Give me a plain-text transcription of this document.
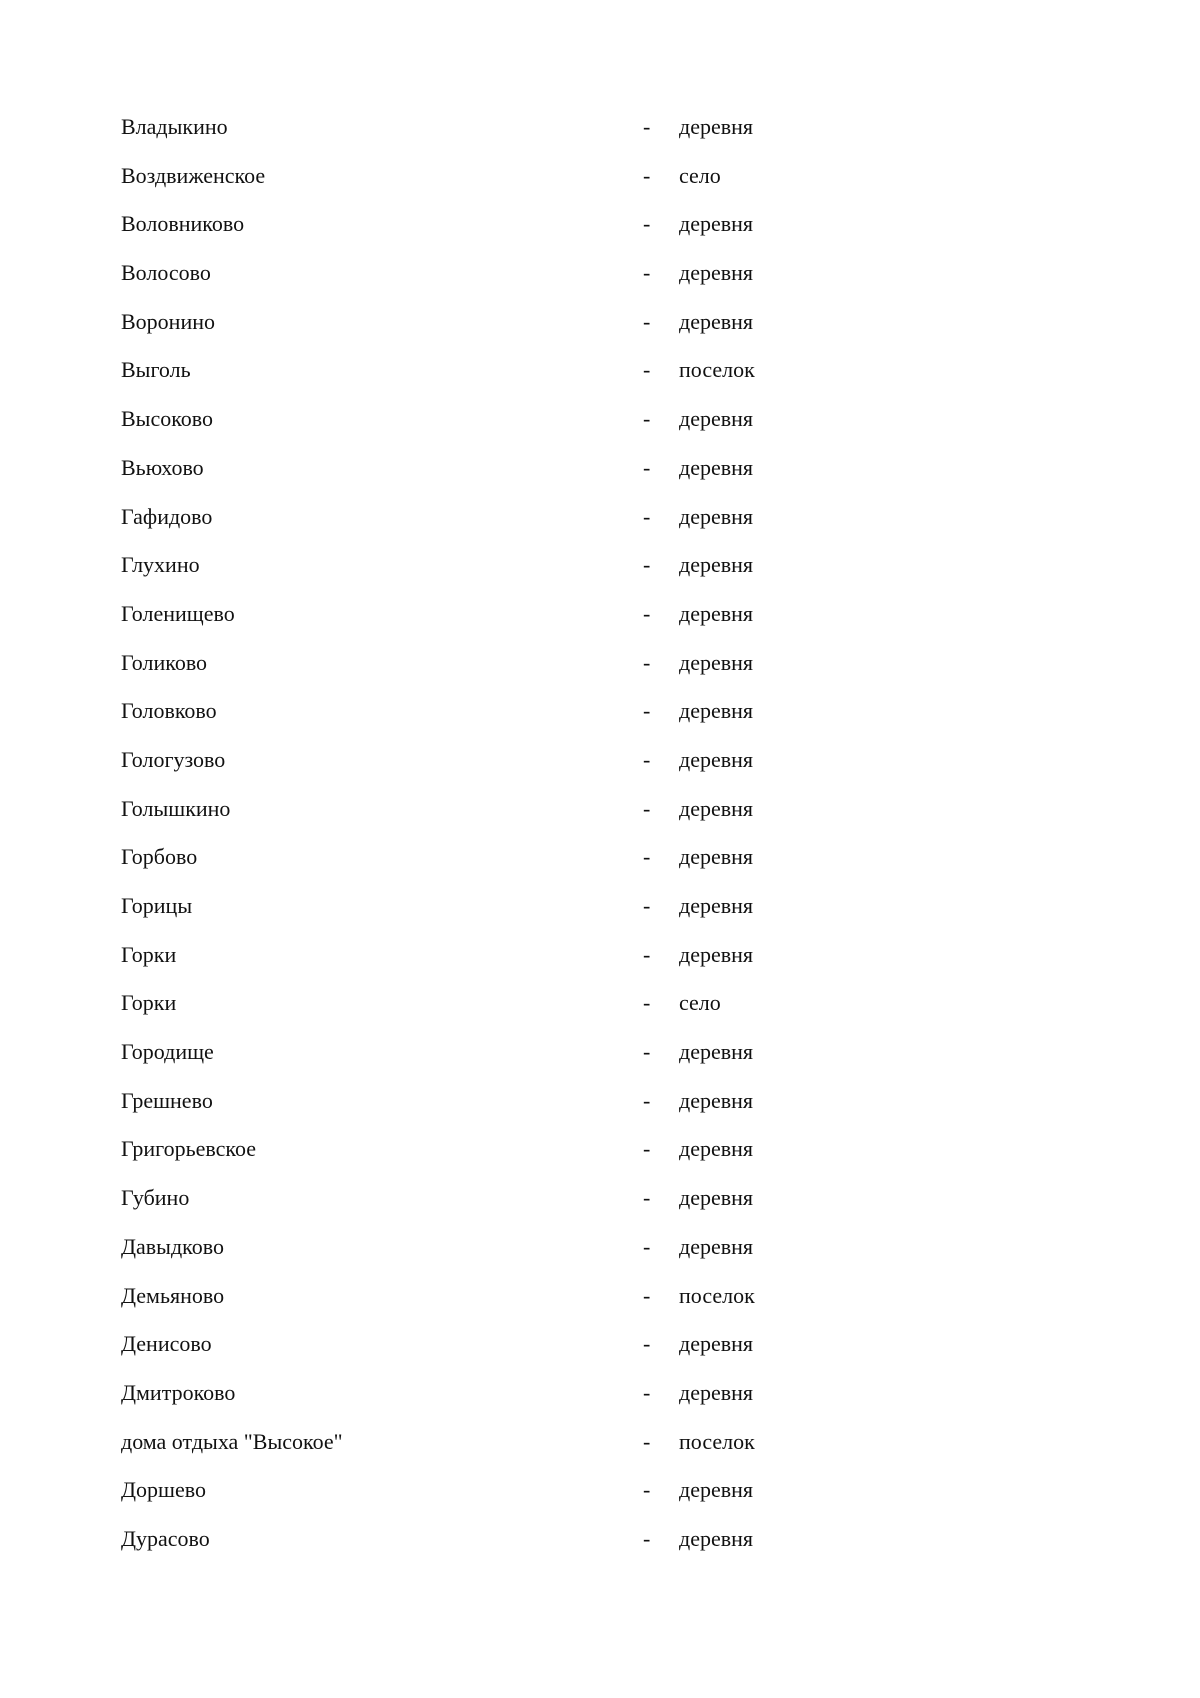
Владыкино	- деревня
Воздвиженское	- село
Воловниково	- деревня
Волосово	- деревня
Воронино	- деревня
Выголь	- поселок
Высоково	- деревня
Вьюхово	- деревня
Гафидово	- деревня
Глухино	- деревня
Голенищево	- деревня
Голиково	- деревня
Головково	- деревня
Гологузово	- деревня
Голышкино	- деревня
Горбово	- деревня
Горицы	- деревня
Горки	- деревня
Горки	- село
Городище	- деревня
Грешнево	- деревня
Григорьевское	- деревня
Губино	- деревня
Давыдково	- деревня
Демьяново	- поселок
Денисово	- деревня
Дмитроково	- деревня
дома отдыха "Высокое"	- поселок
Доршево	- деревня
Дурасово	- деревня
